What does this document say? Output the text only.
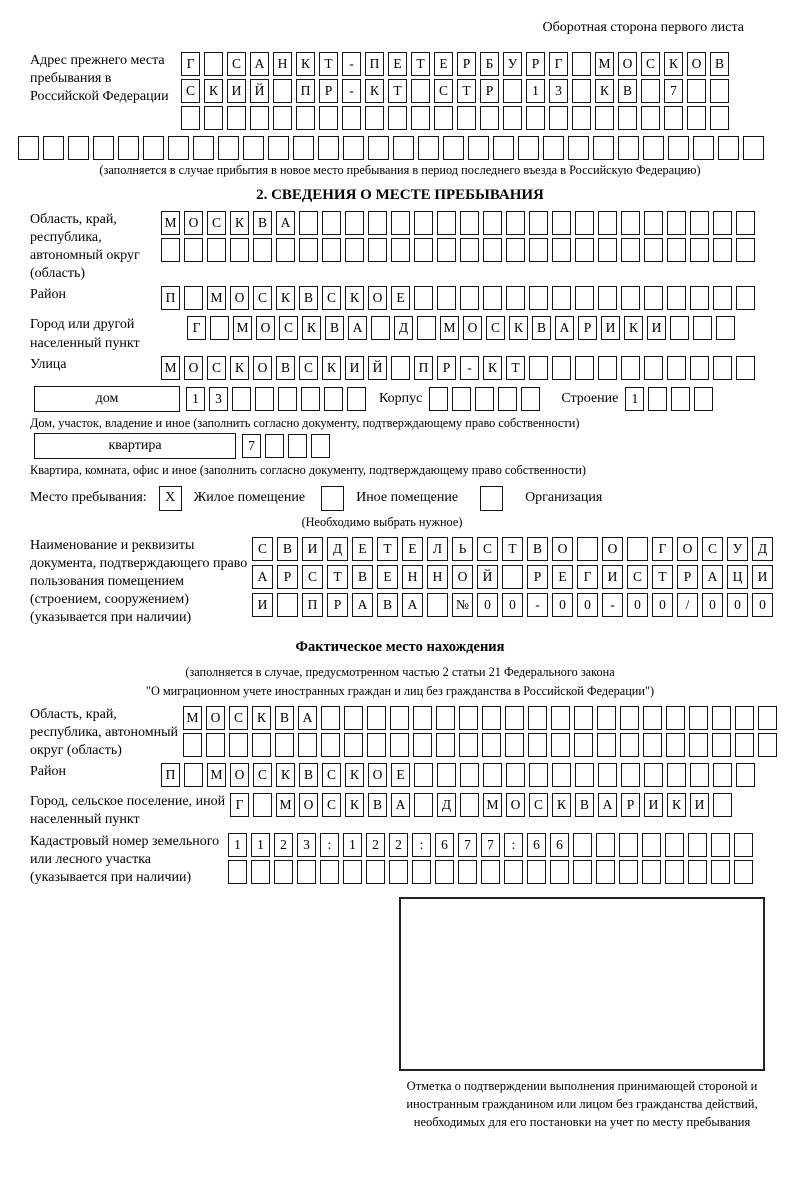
Оборотная сторона первого листа
Адрес прежнего места пребывания в Российской Федерации
Г	С	А Н	К	Т	-	П	Е	Т	Е	Р	Б	У	Р	Г	М О	С	К	О	В
С	К	И Й	П	Р	-	К	Т	С	Т	Р	1	3	К	В	7
(заполняется в случае прибытия в новое место пребывания в период последнего въезда в Российскую Федерацию)
2. СВЕДЕНИЯ О МЕСТЕ ПРЕБЫВАНИЯ
Область, край, республика, автономный округ (область)
М О	С	К	В	А
Район	П	М О	С	К	В	С	К	О	Е
Город или другой населенный пункт
Г	М О	С	К	В	А	Д	М О	С	К	В	А	Р	И	К	И
Улица	М О	С	К	О	В	С	К	И Й	П	Р	-	К	Т
дом	1	3	Корпус	Строение 1
Дом, участок, владение и иное (заполнить согласно документу, подтверждающему право собственности)
квартира	7
Квартира, комната, офис и иное (заполнить согласно документу, подтверждающему право собственности)
Место пребывания:	X	Жилое помещение	Иное помещение	Организация
(Необходимо выбрать нужное)
Наименование и реквизиты документа, подтверждающего право пользования помещением (строением, сооружением) (указывается при наличии)
С	В	И	Д	Е	Т	Е	Л	Ь	С	Т	В	О	О	Г	О	С	У	Д
А	Р	С	Т	В	Е	Н	Н	О	Й	Р	Е	Г	И	С	Т	Р	А	Ц	И
И	П	Р	А	В	А	№	0	0	-	0	0	-	0	0	/	0	0	0
Фактическое место нахождения
(заполняется в случае, предусмотренном частью 2 статьи 21 Федерального закона
"О миграционном учете иностранных граждан и лиц без гражданства в Российской Федерации")
Область, край, республика, автономный округ (область)
М О	С	К	В	А
Район	П	М О	С	К	В	С	К	О	Е
Город, сельское поселение, иной населенный пункт
Г	М О	С	К	В	А	Д	М О	С	К	В	А	Р	И	К	И
Кадастровый номер земельного или лесного участка (указывается при наличии)
1	1	2	3	:	1	2	2	:	6	7	7	:	6	6
Отметка о подтверждении выполнения принимающей стороной и иностранным гражданином или лицом без гражданства действий, необходимых для его постановки на учет по месту пребывания
